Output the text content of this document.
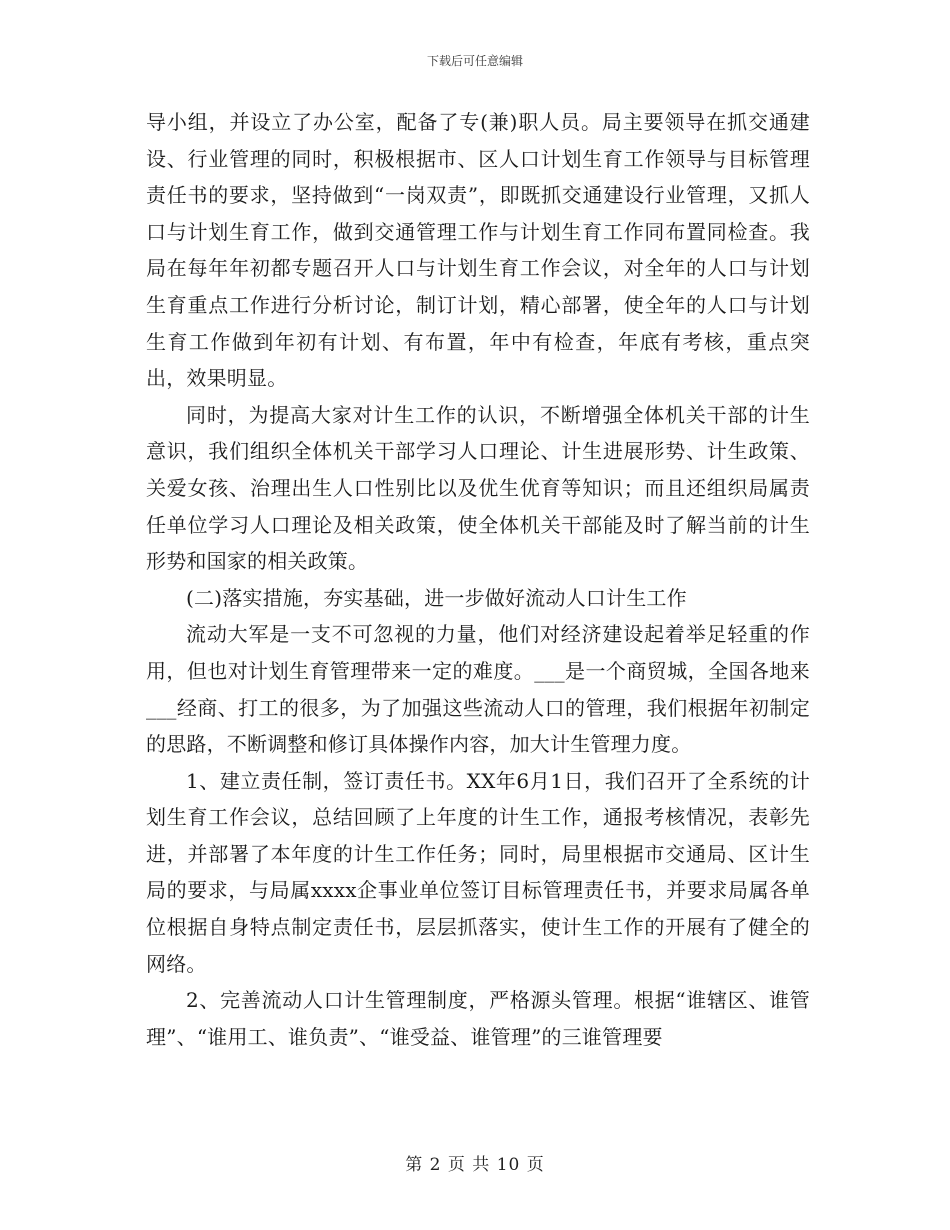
下载后可任意编辑

导小组，并设立了办公室，配备了专(兼)职人员。局主要领导在抓交通建设、行业管理的同时，积极根据市、区人口计划生育工作领导与目标管理责任书的要求，坚持做到“一岗双责”，即既抓交通建设行业管理，又抓人口与计划生育工作，做到交通管理工作与计划生育工作同布置同检查。我局在每年年初都专题召开人口与计划生育工作会议，对全年的人口与计划生育重点工作进行分析讨论，制订计划，精心部署，使全年的人口与计划生育工作做到年初有计划、有布置，年中有检查，年底有考核，重点突出，效果明显。

同时，为提高大家对计生工作的认识，不断增强全体机关干部的计生意识，我们组织全体机关干部学习人口理论、计生进展形势、计生政策、关爱女孩、治理出生人口性别比以及优生优育等知识；而且还组织局属责任单位学习人口理论及相关政策，使全体机关干部能及时了解当前的计生形势和国家的相关政策。

(二)落实措施，夯实基础，进一步做好流动人口计生工作

流动大军是一支不可忽视的力量，他们对经济建设起着举足轻重的作用，但也对计划生育管理带来一定的难度。___是一个商贸城，全国各地来___经商、打工的很多，为了加强这些流动人口的管理，我们根据年初制定的思路，不断调整和修订具体操作内容，加大计生管理力度。

1、建立责任制，签订责任书。XX年6月1日，我们召开了全系统的计划生育工作会议，总结回顾了上年度的计生工作，通报考核情况，表彰先进，并部署了本年度的计生工作任务；同时，局里根据市交通局、区计生局的要求，与局属xxxx企事业单位签订目标管理责任书，并要求局属各单位根据自身特点制定责任书，层层抓落实，使计生工作的开展有了健全的网络。

2、完善流动人口计生管理制度，严格源头管理。根据“谁辖区、谁管理”、“谁用工、谁负责”、“谁受益、谁管理”的三谁管理要

第 2 页 共 10 页
